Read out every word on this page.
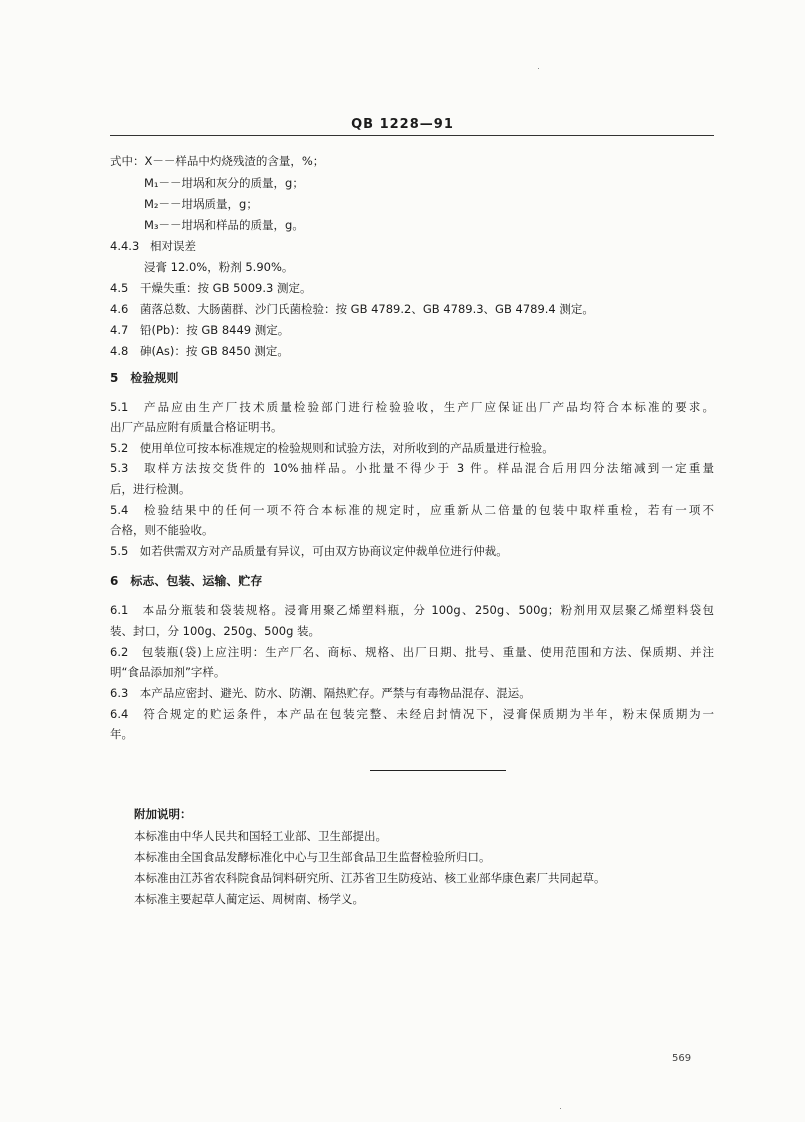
QB 1228—91
式中：X－－样品中灼烧残渣的含量，%；
M₁－－坩埚和灰分的质量，g；
M₂－－坩埚质量，g；
M₃－－坩埚和样品的质量，g。
4.4.3 相对误差
浸膏 12.0%，粉剂 5.90%。
4.5 干燥失重：按 GB 5009.3 测定。
4.6 菌落总数、大肠菌群、沙门氏菌检验：按 GB 4789.2、GB 4789.3、GB 4789.4 测定。
4.7 铅(Pb)：按 GB 8449 测定。
4.8 砷(As)：按 GB 8450 测定。
5　检验规则
5.1　产品应由生产厂技术质量检验部门进行检验验收，生产厂应保证出厂产品均符合本标准的要求。
出厂产品应附有质量合格证明书。
5.2　使用单位可按本标准规定的检验规则和试验方法，对所收到的产品质量进行检验。
5.3　取样方法按交货件的 10%抽样品。小批量不得少于 3 件。样品混合后用四分法缩减到一定重量
后，进行检测。
5.4　检验结果中的任何一项不符合本标准的规定时，应重新从二倍量的包装中取样重检，若有一项不
合格，则不能验收。
5.5　如若供需双方对产品质量有异议，可由双方协商议定仲裁单位进行仲裁。
6　标志、包装、运输、贮存
6.1　本品分瓶装和袋装规格。浸膏用聚乙烯塑料瓶，分 100g、250g、500g；粉剂用双层聚乙烯塑料袋包
装、封口，分 100g、250g、500g 装。
6.2　包装瓶(袋)上应注明：生产厂名、商标、规格、出厂日期、批号、重量、使用范围和方法、保质期、并注
明“食品添加剂”字样。
6.3　本产品应密封、避光、防水、防潮、隔热贮存。严禁与有毒物品混存、混运。
6.4　符合规定的贮运条件，本产品在包装完整、未经启封情况下，浸膏保质期为半年，粉末保质期为一
年。
附加说明：
本标准由中华人民共和国轻工业部、卫生部提出。
本标准由全国食品发酵标准化中心与卫生部食品卫生监督检验所归口。
本标准由江苏省农科院食品饲料研究所、江苏省卫生防疫站、核工业部华康色素厂共同起草。
本标准主要起草人蔺定运、周树南、杨学义。
569
